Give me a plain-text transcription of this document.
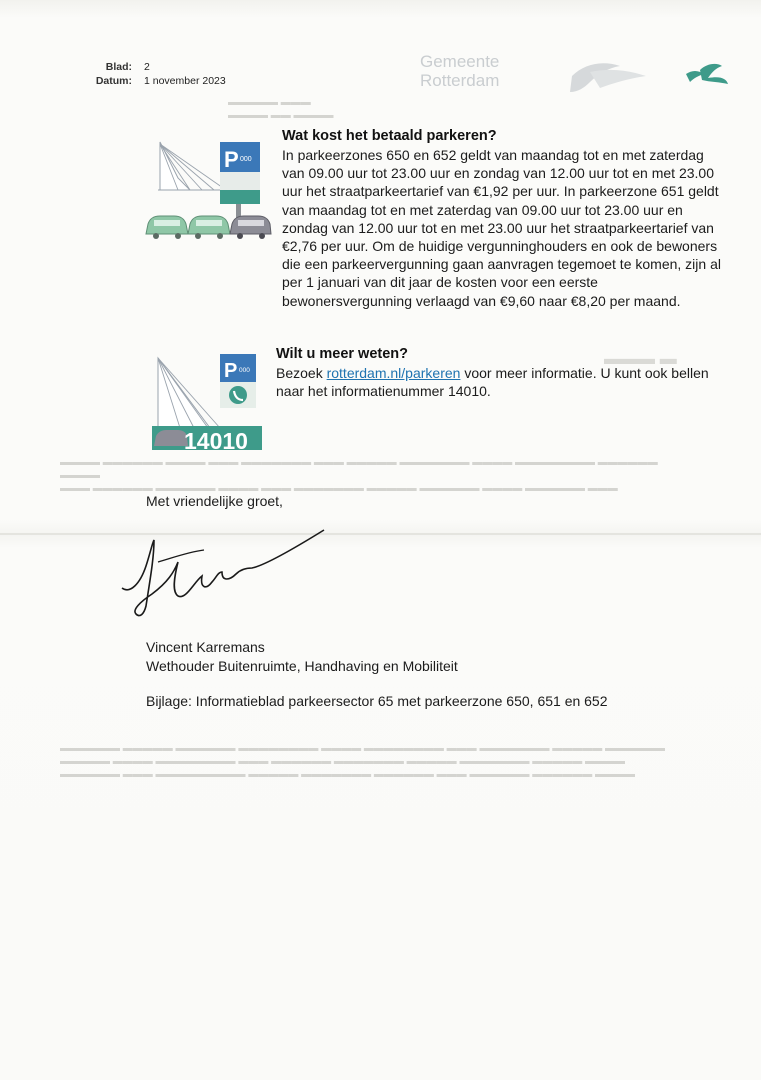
Blad: 2
Datum: 1 november 2023
Gemeente
Rotterdam
▬▬▬▬▬ ▬▬▬
▬▬▬▬ ▬▬ ▬▬▬▬
▬▬▬ ▬
▬▬▬▬ ▬▬▬▬▬▬ ▬▬▬▬ ▬▬▬ ▬▬▬▬▬▬▬ ▬▬▬ ▬▬▬▬▬ ▬▬▬▬▬▬▬ ▬▬▬▬ ▬▬▬▬▬▬▬▬ ▬▬▬▬▬▬ ▬▬▬▬
▬▬▬ ▬▬▬▬▬▬ ▬▬▬▬▬▬ ▬▬▬▬ ▬▬▬ ▬▬▬▬▬▬▬ ▬▬▬▬▬ ▬▬▬▬▬▬ ▬▬▬▬ ▬▬▬▬▬▬ ▬▬▬
▬▬▬▬▬▬ ▬▬▬▬▬ ▬▬▬▬▬▬ ▬▬▬▬▬▬▬▬ ▬▬▬▬ ▬▬▬▬▬▬▬▬ ▬▬▬ ▬▬▬▬▬▬▬ ▬▬▬▬▬ ▬▬▬▬▬▬
▬▬▬▬▬ ▬▬▬▬ ▬▬▬▬▬▬▬▬ ▬▬▬ ▬▬▬▬▬▬ ▬▬▬▬▬▬▬ ▬▬▬▬▬ ▬▬▬▬▬▬▬ ▬▬▬▬▬ ▬▬▬▬
▬▬▬▬▬▬ ▬▬▬ ▬▬▬▬▬▬▬▬▬ ▬▬▬▬▬ ▬▬▬▬▬▬▬ ▬▬▬▬▬▬ ▬▬▬ ▬▬▬▬▬▬ ▬▬▬▬▬▬ ▬▬▬▬
P 000
Wat kost het betaald parkeren?
In parkeerzones 650 en 652 geldt van maandag tot en met zaterdag van 09.00 uur tot 23.00 uur en zondag van 12.00 uur tot en met 23.00 uur het straatparkeertarief van €1,92 per uur. In parkeerzone 651 geldt van maandag tot en met zaterdag van 09.00 uur tot 23.00 uur en zondag van 12.00 uur tot en met 23.00 uur het straatparkeertarief van €2,76 per uur. Om de huidige vergunninghouders en ook de bewoners die een parkeervergunning gaan aanvragen tegemoet te komen, zijn al per 1 januari van dit jaar de kosten voor een eerste bewonersvergunning verlaagd van €9,60 naar €8,20 per maand.
P 000
14010
Wilt u meer weten?
Bezoek rotterdam.nl/parkeren voor meer informatie. U kunt ook bellen naar het informatienummer 14010.
Met vriendelijke groet,
Vincent Karremans
Wethouder Buitenruimte, Handhaving en Mobiliteit
Bijlage: Informatieblad parkeersector 65 met parkeerzone 650, 651 en 652
